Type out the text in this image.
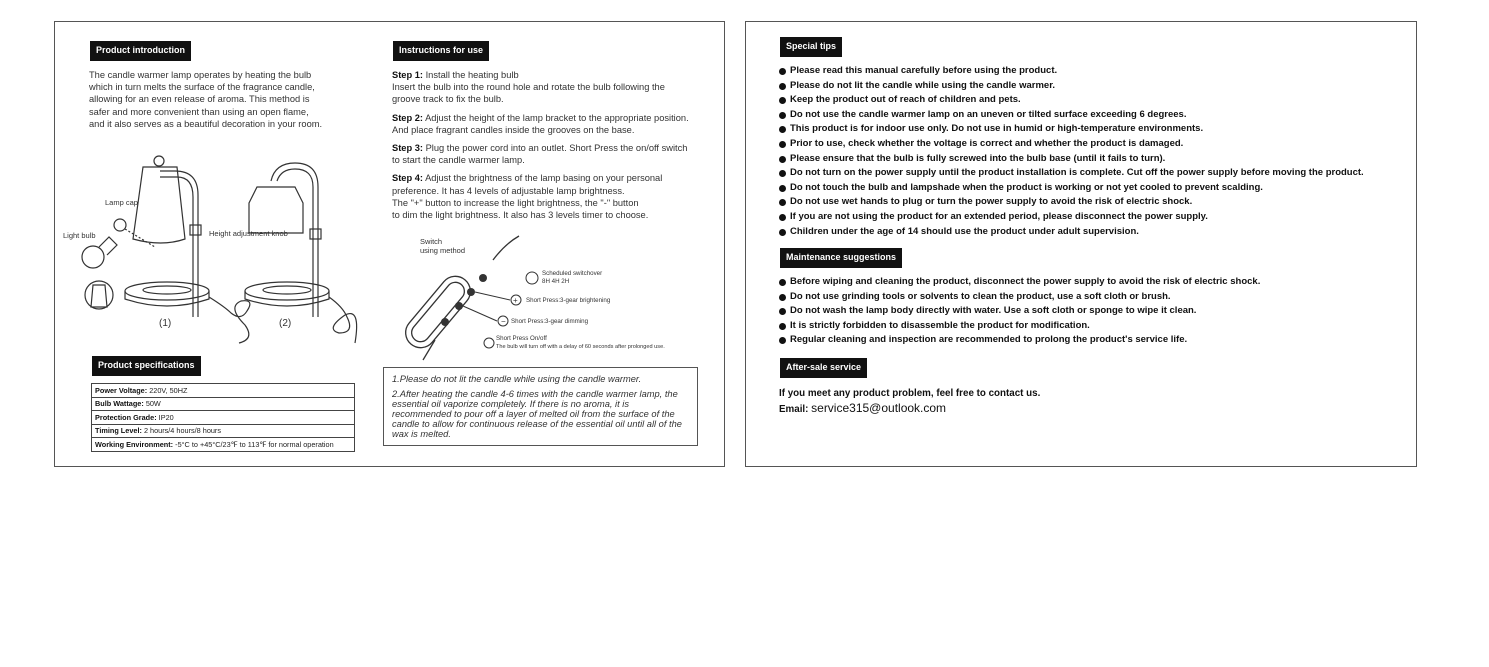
Product introduction

The candle warmer lamp operates by heating the bulb

which in turn melts the surface of the fragrance candle,

allowing for an even release of aroma. This method is

safer and more convenient than using an open flame,

and it also serves as a beautiful decoration in your room.

Lamp cap
Light bulb	Height adjustment knob
(1)	(2)
Product specifications
Power Voltage: 220V, 50HZ
Bulb Wattage: 50W
Protection Grade: IP20
Timing Level: 2 hours/4 hours/8 hours
Working Environment: -5°C to +45°C/23℉ to 113℉ for normal operation
Instructions for use

Step 1: Install the heating bulb

Insert the bulb into the round hole and rotate the bulb following the

groove track to fix the bulb.

Step 2: Adjust the height of the lamp bracket to the appropriate position.

And place fragrant candles inside the grooves on the base.

Step 3: Plug the power cord into an outlet. Short Press the on/off switch

to start the candle warmer lamp.

Step 4: Adjust the brightness of the lamp basing on your personal

preference. It has 4 levels of adjustable lamp brightness.

The "+" button to increase the light brightness, the "-" button

to dim the light brightness. It also has 3 levels timer to choose.

Switch
using method
+
−
Scheduled switchover
8H 4H 2H
Short Press:3-gear brightening
Short Press:3-gear dimming
Short Press On/off
The bulb will turn off with a delay of 60 seconds after prolonged use.

1.Please do not lit the candle while using the candle warmer.

2.After heating the candle 4-6 times with the candle warmer lamp, the essential oil vaporize completely. If there is no aroma, it is recommended to pour off a layer of melted oil from the surface of the candle to allow for continuous release of the essential oil until all of the wax is melted.

Special tips
Please read this manual carefully before using the product.
Please do not lit the candle while using the candle warmer.
Keep the product out of reach of children and pets.
Do not use the candle warmer lamp on an uneven or tilted surface exceeding 6 degrees.
This product is for indoor use only. Do not use in humid or high-temperature environments.
Prior to use, check whether the voltage is correct and whether the product is damaged.
Please ensure that the bulb is fully screwed into the bulb base (until it fails to turn).
Do not turn on the power supply until the product installation is complete. Cut off the power supply before moving the product.
Do not touch the bulb and lampshade when the product is working or not yet cooled to prevent scalding.
Do not use wet hands to plug or turn the power supply to avoid the risk of electric shock.
If you are not using the product for an extended period, please disconnect the power supply.
Children under the age of 14 should use the product under adult supervision.
Maintenance suggestions
Before wiping and cleaning the product, disconnect the power supply to avoid the risk of electric shock.
Do not use grinding tools or solvents to clean the product, use a soft cloth or brush.
Do not wash the lamp body directly with water. Use a soft cloth or sponge to wipe it clean.
It is strictly forbidden to disassemble the product for modification.
Regular cleaning and inspection are recommended to prolong the product's service life.
After-sale service
If you meet any product problem, feel free to contact us.
Email: service315@outlook.com
